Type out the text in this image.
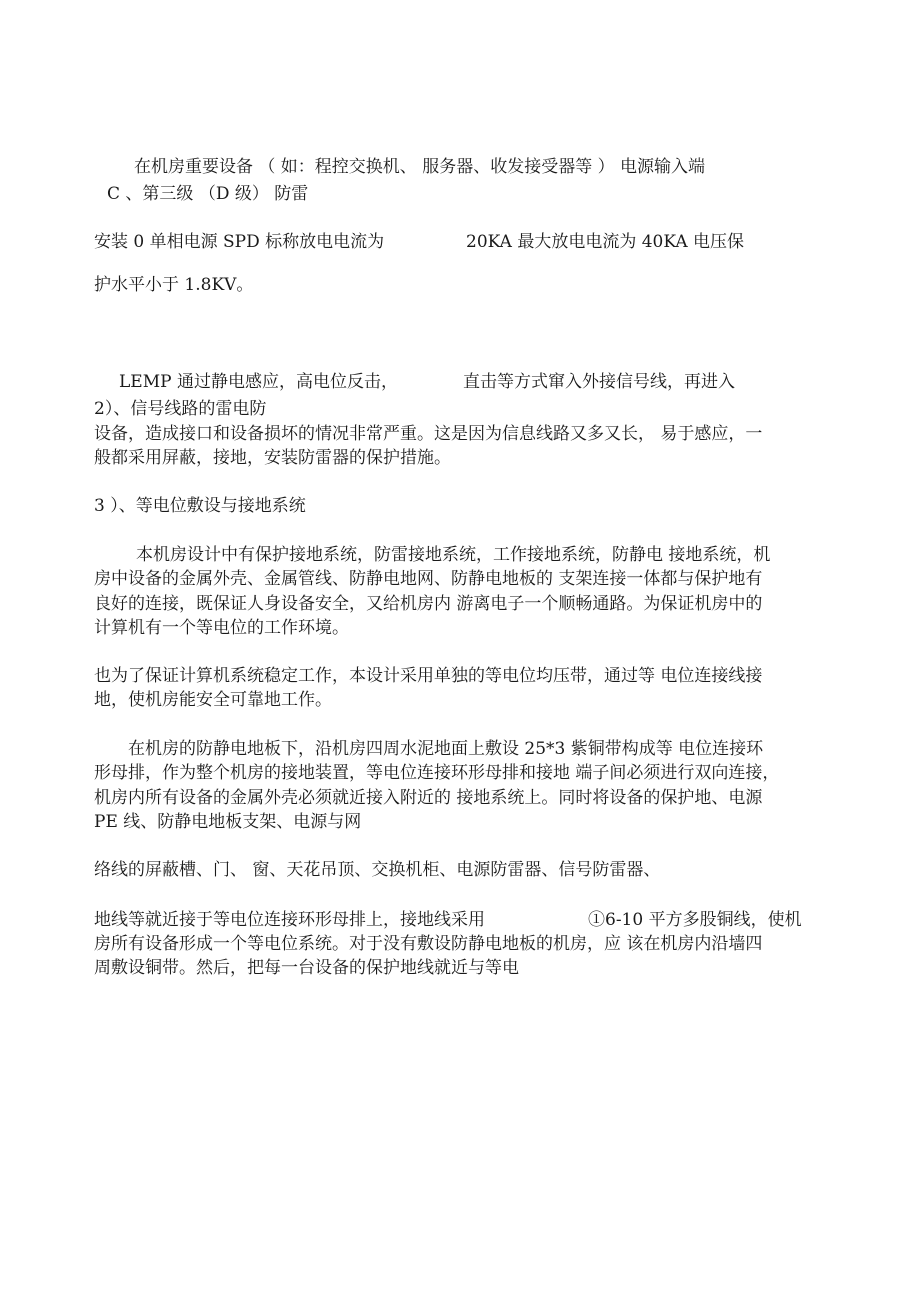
在机房重要设备 （ 如：程控交换机、 服务器、收发接受器等 ） 电源输入端

C 、第三级 （D 级） 防雷

安装 0 单相电源 SPD 标称放电电流为	20KA 最大放电电流为 40KA 电压保

护水平小于 1.8KV。

LEMP 通过静电感应，高电位反击，	直击等方式窜入外接信号线，再进入

2）、信号线路的雷电防

设备，造成接口和设备损坏的情况非常严重。这是因为信息线路又多又长， 易于感应，一

般都采用屏蔽，接地，安装防雷器的保护措施。

3 ）、等电位敷设与接地系统

本机房设计中有保护接地系统，防雷接地系统，工作接地系统，防静电 接地系统，机

房中设备的金属外壳、金属管线、防静电地网、防静电地板的 支架连接一体都与保护地有

良好的连接，既保证人身设备安全，又给机房内 游离电子一个顺畅通路。为保证机房中的

计算机有一个等电位的工作环境。

也为了保证计算机系统稳定工作，本设计采用单独的等电位均压带，通过等 电位连接线接

地，使机房能安全可靠地工作。

在机房的防静电地板下，沿机房四周水泥地面上敷设 25*3 紫铜带构成等 电位连接环

形母排，作为整个机房的接地装置，等电位连接环形母排和接地 端子间必须进行双向连接，

机房内所有设备的金属外壳必须就近接入附近的 接地系统上。同时将设备的保护地、电源

PE 线、防静电地板支架、电源与网

络线的屏蔽槽、门、 窗、天花吊顶、交换机柜、电源防雷器、信号防雷器、

地线等就近接于等电位连接环形母排上，接地线采用	①6-10 平方多股铜线，使机

房所有设备形成一个等电位系统。对于没有敷设防静电地板的机房，应 该在机房内沿墙四

周敷设铜带。然后，把每一台设备的保护地线就近与等电
